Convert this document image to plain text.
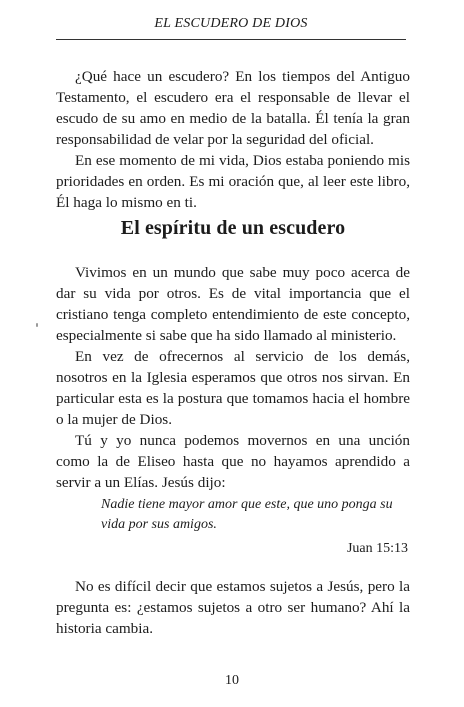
EL ESCUDERO DE DIOS

¿Qué hace un escudero? En los tiempos del Antiguo Testamento, el escudero era el responsable de llevar el escudo de su amo en medio de la batalla. Él tenía la gran responsabilidad de velar por la seguridad del oficial.

En ese momento de mi vida, Dios estaba poniendo mis prioridades en orden. Es mi oración que, al leer este libro, Él haga lo mismo en ti.

El espíritu de un escudero

Vivimos en un mundo que sabe muy poco acerca de dar su vida por otros. Es de vital importancia que el cristiano tenga completo entendimiento de este concepto, especialmente si sabe que ha sido llamado al ministerio.

En vez de ofrecernos al servicio de los demás, nosotros en la Iglesia esperamos que otros nos sirvan. En particular esta es la postura que tomamos hacia el hombre o la mujer de Dios.

Tú y yo nunca podemos movernos en una unción como la de Eliseo hasta que no hayamos aprendido a servir a un Elías. Jesús dijo:

Nadie tiene mayor amor que este, que uno ponga su vida por sus amigos.
Juan 15:13

No es difícil decir que estamos sujetos a Jesús, pero la pregunta es: ¿estamos sujetos a otro ser humano? Ahí la historia cambia.

10
